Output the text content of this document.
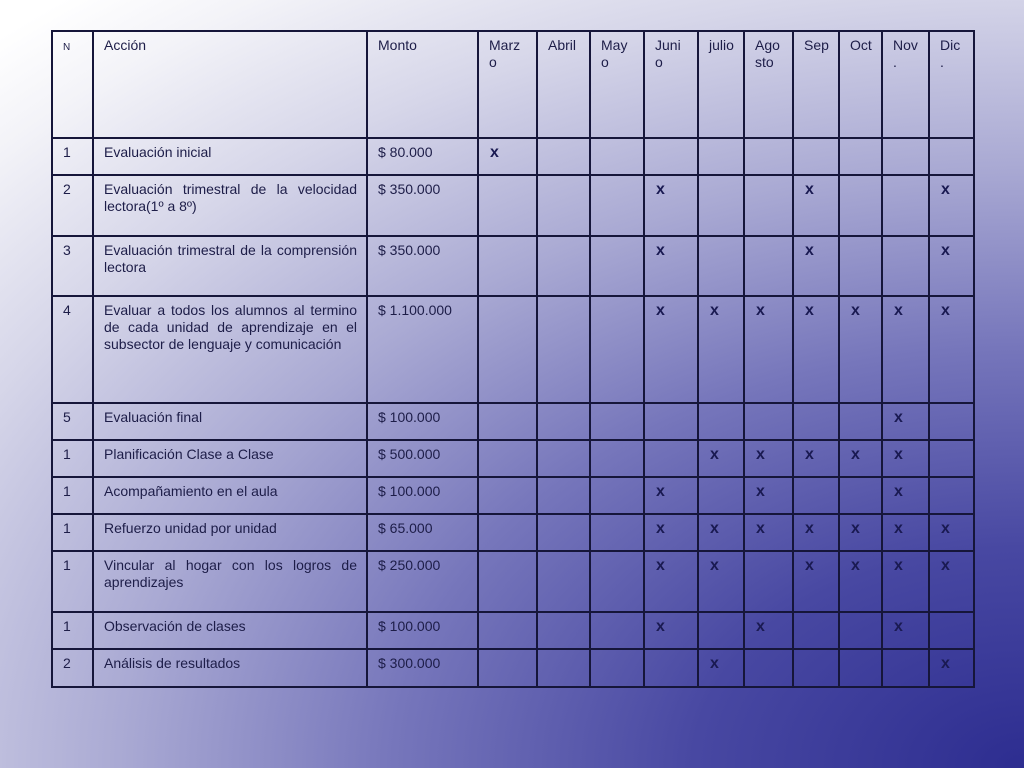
N	Acción	Monto	Marzo	Abril	Mayo	Junio	julio	Agosto	Sep	Oct	Nov.	Dic.

1	Evaluación inicial	$ 80.000	x									
2	Evaluación trimestral de la velocidad lectora(1º a 8º)	$ 350.000				x			x			x
3	Evaluación trimestral de la comprensión lectora	$ 350.000				x			x			x
4	Evaluar a todos los alumnos al termino de cada unidad de aprendizaje en el subsector de lenguaje y comunicación	$ 1.100.000				x	x	x	x	x	x	x
5	Evaluación final	$ 100.000									x	
1	Planificación Clase a Clase	$ 500.000					x	x	x	x	x	
1	Acompañamiento en el aula	$ 100.000				x		x			x	
1	Refuerzo unidad por unidad	$ 65.000				x	x	x	x	x	x	x
1	Vincular al hogar con los logros de aprendizajes	$ 250.000				x	x		x	x	x	x
1	Observación de clases	$ 100.000				x		x			x	
2	Análisis de resultados	$ 300.000					x					x
